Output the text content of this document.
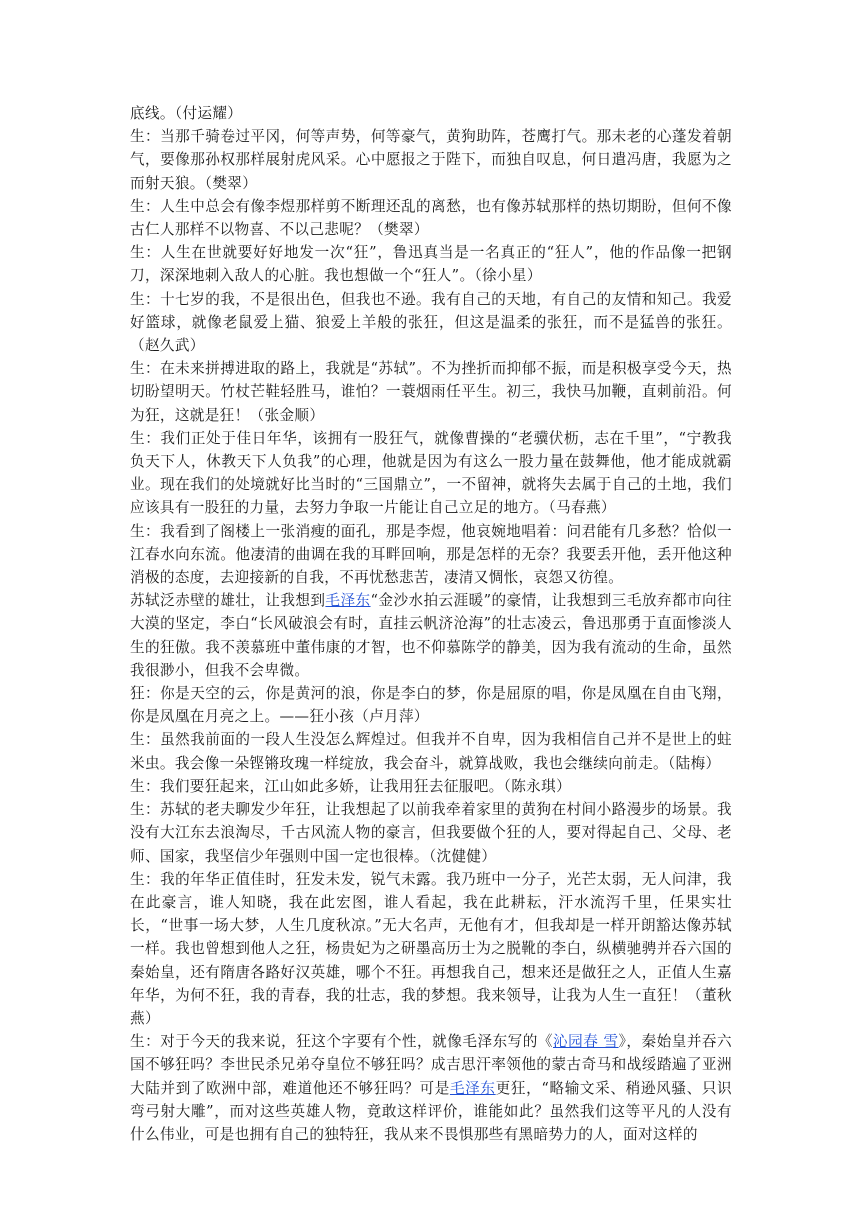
底线。（付运耀）

生：当那千骑卷过平冈，何等声势，何等豪气，黄狗助阵，苍鹰打气。那未老的心蓬发着朝气，要像那孙权那样展射虎风采。心中愿报之于陛下，而独自叹息，何日遣冯唐，我愿为之而射天狼。（樊翠）

生：人生中总会有像李煜那样剪不断理还乱的离愁，也有像苏轼那样的热切期盼，但何不像古仁人那样不以物喜、不以己悲呢？（樊翠）

生：人生在世就要好好地发一次“狂”，鲁迅真当是一名真正的“狂人”，他的作品像一把钢刀，深深地刺入敌人的心脏。我也想做一个“狂人”。（徐小星）

生：十七岁的我，不是很出色，但我也不逊。我有自己的天地，有自己的友情和知己。我爱好篮球，就像老鼠爱上猫、狼爱上羊般的张狂，但这是温柔的张狂，而不是猛兽的张狂。（赵久武）

生：在未来拼搏进取的路上，我就是“苏轼”。不为挫折而抑郁不振，而是积极享受今天，热切盼望明天。竹杖芒鞋轻胜马，谁怕？一蓑烟雨任平生。初三，我快马加鞭，直刺前沿。何为狂，这就是狂！（张金顺）

生：我们正处于佳日年华，该拥有一股狂气，就像曹操的“老骥伏枥，志在千里”，“宁教我负天下人，休教天下人负我”的心理，他就是因为有这么一股力量在鼓舞他，他才能成就霸业。现在我们的处境就好比当时的“三国鼎立”，一不留神，就将失去属于自己的土地，我们应该具有一股狂的力量，去努力争取一片能让自己立足的地方。（马春燕）

生：我看到了阁楼上一张消瘦的面孔，那是李煜，他哀婉地唱着：问君能有几多愁？恰似一江春水向东流。他凄清的曲调在我的耳畔回响，那是怎样的无奈？我要丢开他，丢开他这种消极的态度，去迎接新的自我，不再忧愁悲苦，凄清又惆怅，哀怨又彷徨。

苏轼泛赤壁的雄壮，让我想到毛泽东“金沙水拍云涯暖”的豪情，让我想到三毛放弃都市向往大漠的坚定，李白“长风破浪会有时，直挂云帆济沧海”的壮志凌云，鲁迅那勇于直面惨淡人生的狂傲。我不羡慕班中董伟康的才智，也不仰慕陈学的静美，因为我有流动的生命，虽然我很渺小，但我不会卑微。

狂：你是天空的云，你是黄河的浪，你是李白的梦，你是屈原的唱，你是凤凰在自由飞翔，你是凤凰在月亮之上。——狂小孩（卢月萍）

生：虽然我前面的一段人生没怎么辉煌过。但我并不自卑，因为我相信自己并不是世上的蛀米虫。我会像一朵铿锵玫瑰一样绽放，我会奋斗，就算战败，我也会继续向前走。（陆梅）

生：我们要狂起来，江山如此多娇，让我用狂去征服吧。（陈永琪）

生：苏轼的老夫聊发少年狂，让我想起了以前我牵着家里的黄狗在村间小路漫步的场景。我没有大江东去浪淘尽，千古风流人物的豪言，但我要做个狂的人，要对得起自己、父母、老师、国家，我坚信少年强则中国一定也很棒。（沈健健）

生：我的年华正值佳时，狂发未发，锐气未露。我乃班中一分子，光芒太弱，无人问津，我在此豪言，谁人知晓，我在此宏图，谁人看起，我在此耕耘，汗水流泻千里，任果实壮长，“世事一场大梦，人生几度秋凉。”无大名声，无他有才，但我却是一样开朗豁达像苏轼一样。我也曾想到他人之狂，杨贵妃为之研墨高历士为之脱靴的李白，纵横驰骋并吞六国的秦始皇，还有隋唐各路好汉英雄，哪个不狂。再想我自己，想来还是做狂之人，正值人生嘉年华，为何不狂，我的青春，我的壮志，我的梦想。我来领导，让我为人生一直狂！（董秋燕）

生：对于今天的我来说，狂这个字要有个性，就像毛泽东写的《沁园春 雪》，秦始皇并吞六国不够狂吗？李世民杀兄弟夺皇位不够狂吗？成吉思汗率领他的蒙古奇马和战绥踏遍了亚洲大陆并到了欧洲中部，难道他还不够狂吗？可是毛泽东更狂，“略输文采、稍逊风骚、只识弯弓射大雕”，而对这些英雄人物，竟敢这样评价，谁能如此？虽然我们这等平凡的人没有什么伟业，可是也拥有自己的独特狂，我从来不畏惧那些有黑暗势力的人，面对这样的
